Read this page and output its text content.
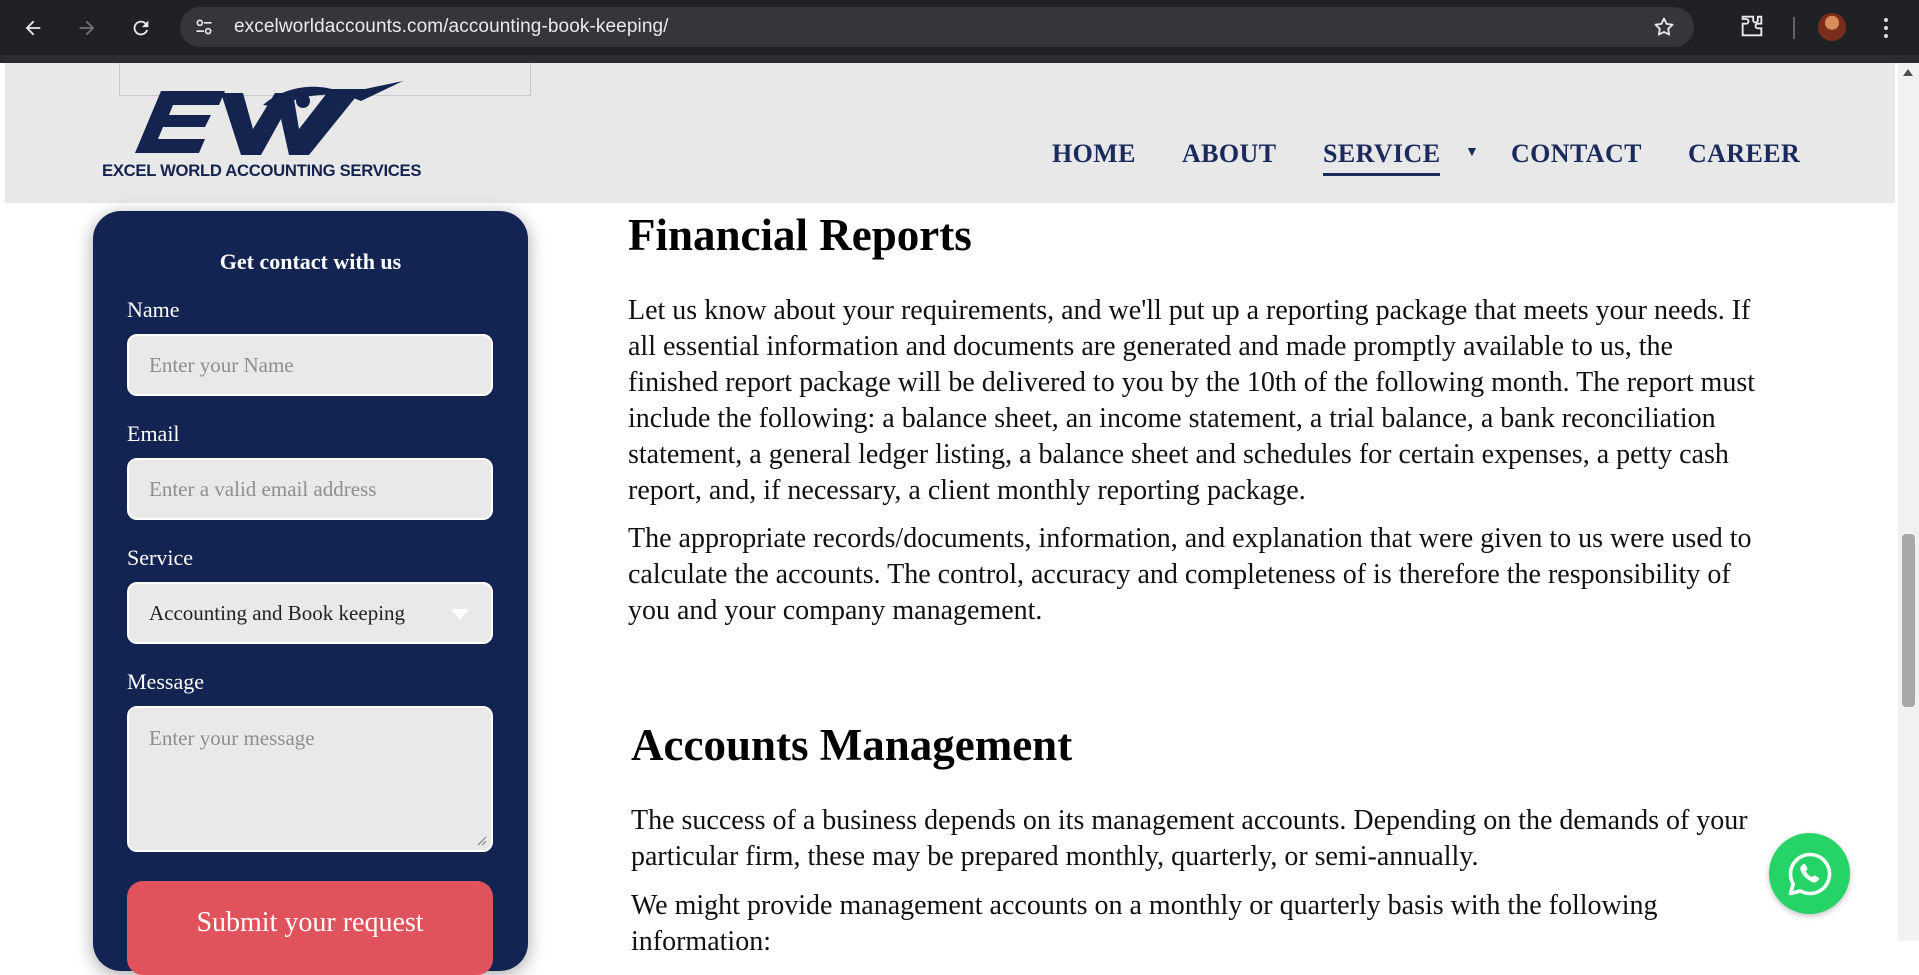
excelworldaccounts.com/accounting-book-keeping/
EXCEL WORLD ACCOUNTING SERVICES
HOME ABOUT SERVICE ▼ CONTACT CAREER
Get contact with us
Name
Enter your Name
Email
Enter a valid email address
Service
Accounting and Book keeping
Message
Enter your message
Submit your request
Financial Reports

Let us know about your requirements, and we'll put up a reporting package that meets your needs. If all essential information and documents are generated and made promptly available to us, the finished report package will be delivered to you by the 10th of the following month. The report must include the following: a balance sheet, an income statement, a trial balance, a bank reconciliation statement, a general ledger listing, a balance sheet and schedules for certain expenses, a petty cash report, and, if necessary, a client monthly reporting package.

The appropriate records/documents, information, and explanation that were given to us were used to calculate the accounts. The control, accuracy and completeness of is therefore the responsibility of you and your company management.

Accounts Management

The success of a business depends on its management accounts. Depending on the demands of your particular firm, these may be prepared monthly, quarterly, or semi-annually.

We might provide management accounts on a monthly or quarterly basis with the following information:
